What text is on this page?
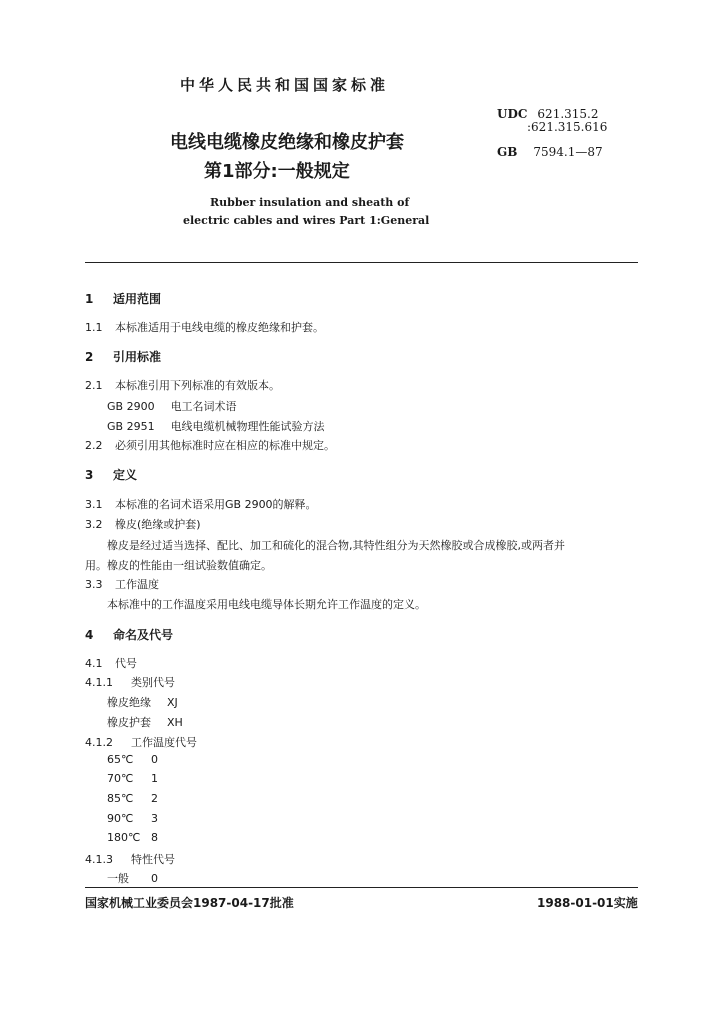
中华人民共和国国家标准
UDC 621.315.2
:621.315.616
GB 7594.1—87
电线电缆橡皮绝缘和橡皮护套
第1部分:一般规定
Rubber insulation and sheath of
electric cables and wires Part 1:General
1 适用范围
1.1 本标准适用于电线电缆的橡皮绝缘和护套。
2 引用标准
2.1 本标准引用下列标准的有效版本。
GB 2900 电工名词术语
GB 2951 电线电缆机械物理性能试验方法
2.2 必须引用其他标准时应在相应的标准中规定。
3 定义
3.1 本标准的名词术语采用GB 2900的解释。
3.2 橡皮(绝缘或护套)
橡皮是经过适当选择、配比、加工和硫化的混合物,其特性组分为天然橡胶或合成橡胶,或两者并
用。橡皮的性能由一组试验数值确定。
3.3 工作温度
本标准中的工作温度采用电线电缆导体长期允许工作温度的定义。
4 命名及代号
4.1 代号
4.1.1 类别代号
橡皮绝缘 XJ
橡皮护套 XH
4.1.2 工作温度代号
65℃ 0
70℃ 1
85℃ 2
90℃ 3
180℃ 8
4.1.3 特性代号
一般 0
国家机械工业委员会1987-04-17批准	1988-01-01实施
